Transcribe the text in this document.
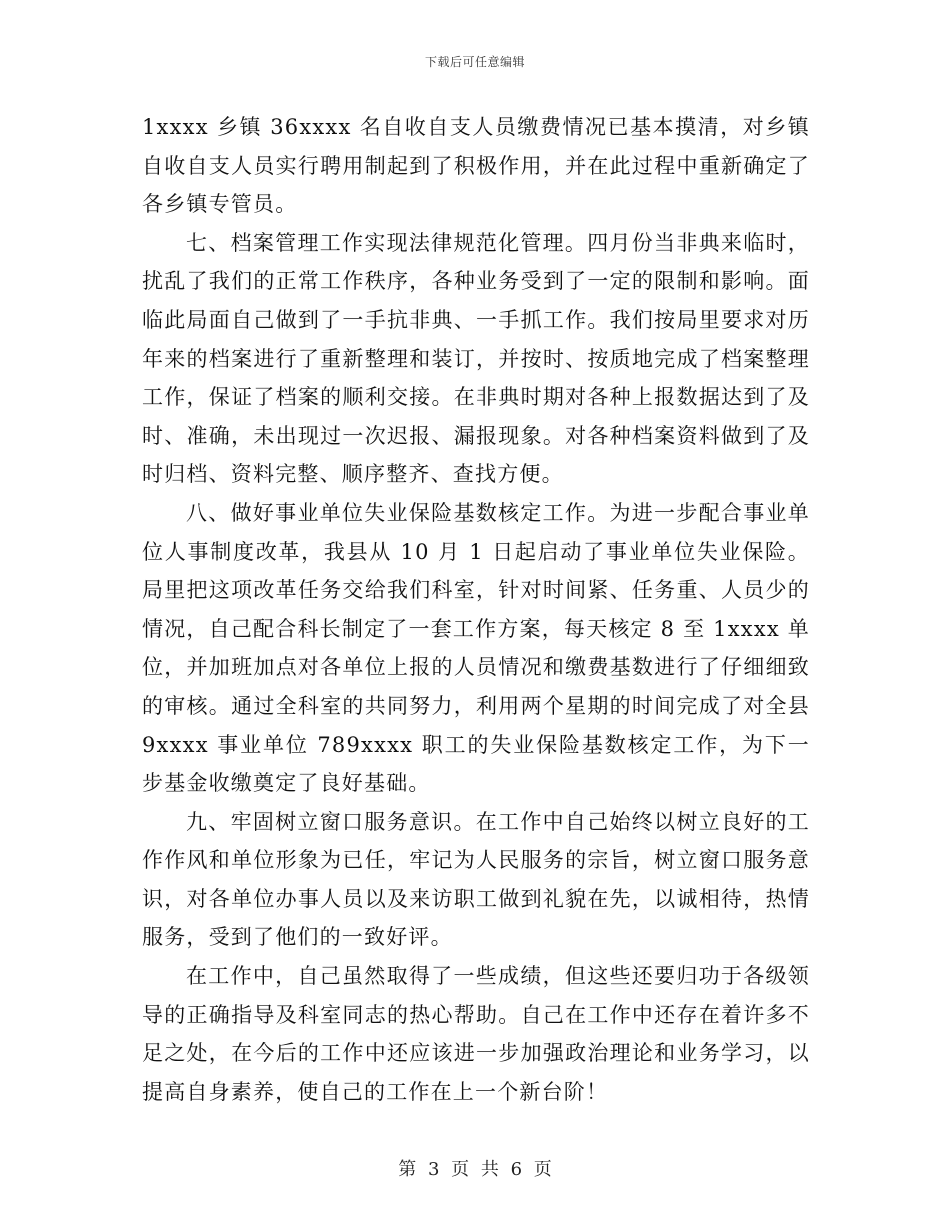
下载后可任意编辑

1xxxx 乡镇 36xxxx 名自收自支人员缴费情况已基本摸清，对乡镇自收自支人员实行聘用制起到了积极作用，并在此过程中重新确定了各乡镇专管员。

七、档案管理工作实现法律规范化管理。四月份当非典来临时，扰乱了我们的正常工作秩序，各种业务受到了一定的限制和影响。面临此局面自己做到了一手抗非典、一手抓工作。我们按局里要求对历年来的档案进行了重新整理和装订，并按时、按质地完成了档案整理工作，保证了档案的顺利交接。在非典时期对各种上报数据达到了及时、准确，未出现过一次迟报、漏报现象。对各种档案资料做到了及时归档、资料完整、顺序整齐、查找方便。

八、做好事业单位失业保险基数核定工作。为进一步配合事业单位人事制度改革，我县从 10 月 1 日起启动了事业单位失业保险。局里把这项改革任务交给我们科室，针对时间紧、任务重、人员少的情况，自己配合科长制定了一套工作方案，每天核定 8 至 1xxxx 单位，并加班加点对各单位上报的人员情况和缴费基数进行了仔细细致的审核。通过全科室的共同努力，利用两个星期的时间完成了对全县 9xxxx 事业单位 789xxxx 职工的失业保险基数核定工作，为下一步基金收缴奠定了良好基础。

九、牢固树立窗口服务意识。在工作中自己始终以树立良好的工作作风和单位形象为已任，牢记为人民服务的宗旨，树立窗口服务意识，对各单位办事人员以及来访职工做到礼貌在先，以诚相待，热情服务，受到了他们的一致好评。

在工作中，自己虽然取得了一些成绩，但这些还要归功于各级领导的正确指导及科室同志的热心帮助。自己在工作中还存在着许多不足之处，在今后的工作中还应该进一步加强政治理论和业务学习，以提高自身素养，使自己的工作在上一个新台阶！

第 3 页 共 6 页
